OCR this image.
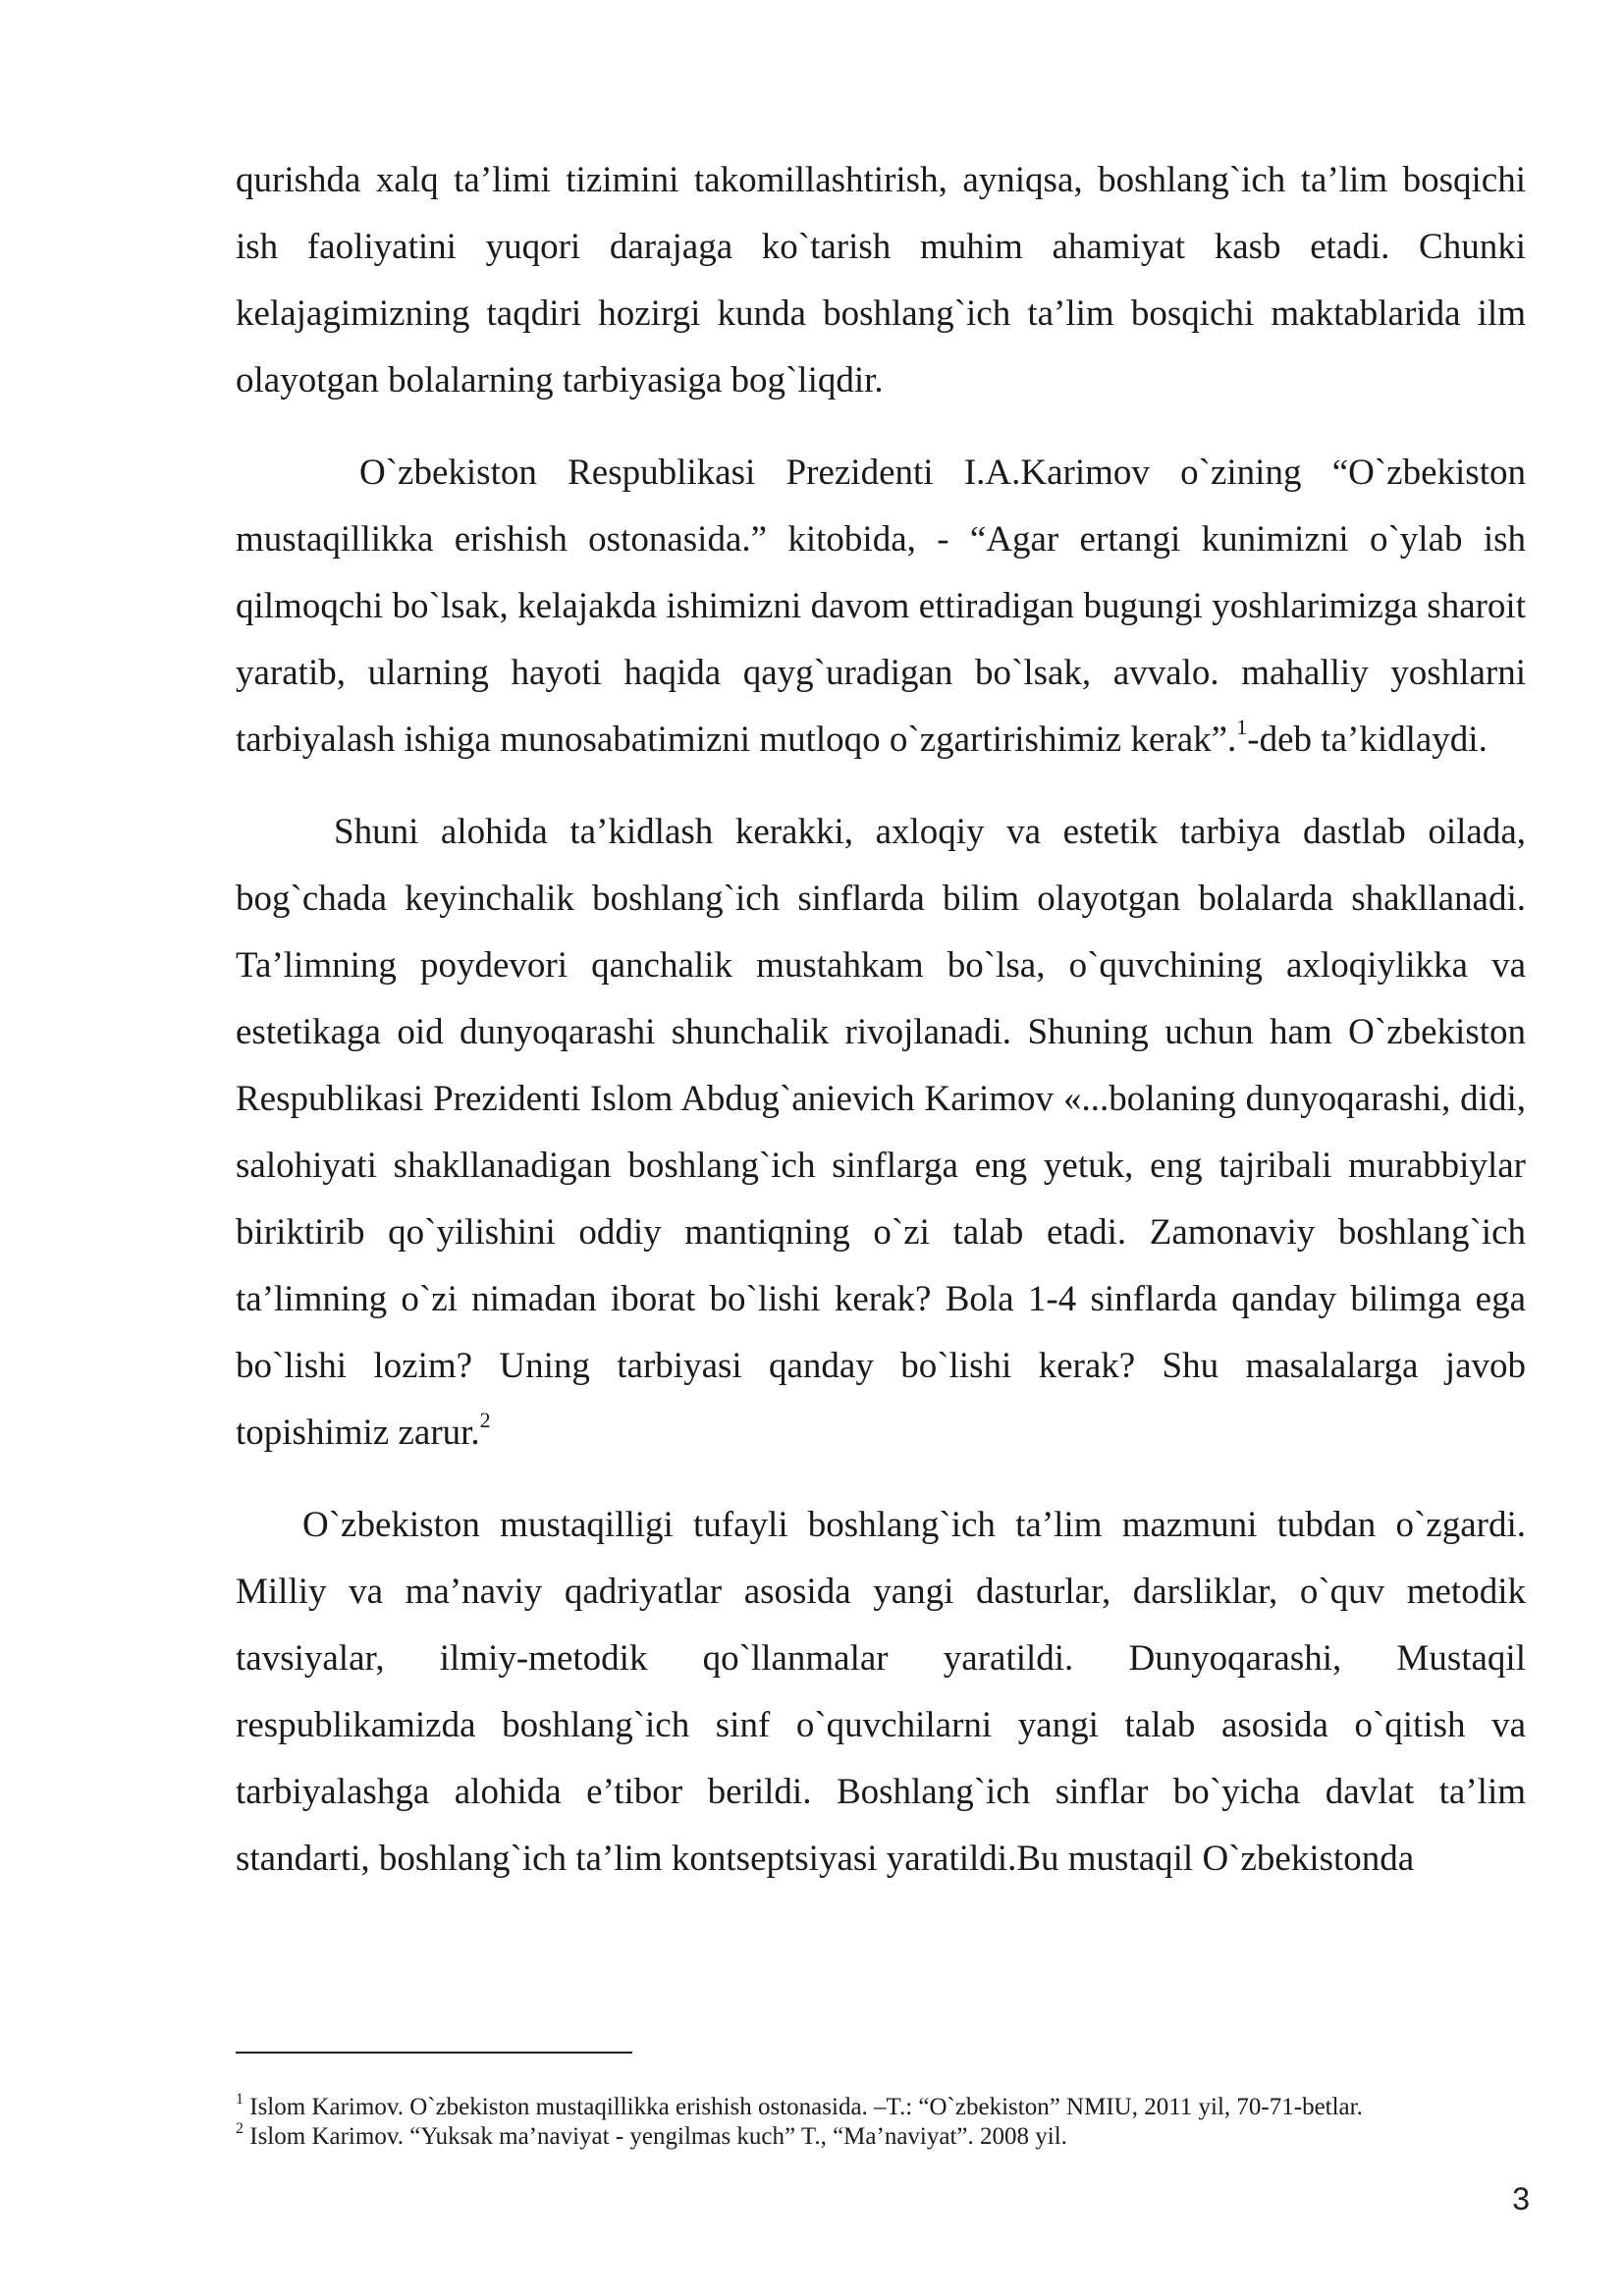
qurishda xalq ta’limi tizimini takomillashtirish, ayniqsa, boshlang`ich ta’lim bosqichi ish faoliyatini yuqori darajaga ko`tarish muhim ahamiyat kasb etadi. Chunki kelajagimizning taqdiri hozirgi kunda boshlang`ich ta’lim bosqichi maktablarida ilm olayotgan bolalarning tarbiyasiga bog`liqdir.

O`zbekiston Respublikasi Prezidenti I.A.Karimov o`zining “O`zbekiston mustaqillikka erishish ostonasida.” kitobida, - “Agar ertangi kunimizni o`ylab ish qilmoqchi bo`lsak, kelajakda ishimizni davom ettiradigan bugungi yoshlarimizga sharoit yaratib, ularning hayoti haqida qayg`uradigan bo`lsak, avvalo. mahalliy yoshlarni tarbiyalash ishiga munosabatimizni mutloqo o`zgartirishimiz kerak”.$^1$-deb ta’kidlaydi.

Shuni alohida ta’kidlash kerakki, axloqiy va estetik tarbiya dastlab oilada, bog`chada keyinchalik boshlang`ich sinflarda bilim olayotgan bolalarda shakllanadi. Ta’limning poydevori qanchalik mustahkam bo`lsa, o`quvchining axloqiylikka va estetikaga oid dunyoqarashi shunchalik rivojlanadi. Shuning uchun ham O`zbekiston Respublikasi Prezidenti Islom Abdug`anievich Karimov «...bolaning dunyoqarashi, didi, salohiyati shakllanadigan boshlang`ich sinflarga eng yetuk, eng tajribali murabbiylar biriktirib qo`yilishini oddiy mantiqning o`zi talab etadi. Zamonaviy boshlang`ich ta’limning o`zi nimadan iborat bo`lishi kerak? Bola 1-4 sinflarda qanday bilimga ega bo`lishi lozim? Uning tarbiyasi qanday bo`lishi kerak? Shu masalalarga javob topishimiz zarur.$^2$

O`zbekiston mustaqilligi tufayli boshlang`ich ta’lim mazmuni tubdan o`zgardi. Milliy va ma’naviy qadriyatlar asosida yangi dasturlar, darsliklar, o`quv metodik tavsiyalar, ilmiy-metodik qo`llanmalar yaratildi. Dunyoqarashi, Mustaqil respublikamizda boshlang`ich sinf o`quvchilarni yangi talab asosida o`qitish va tarbiyalashga alohida e’tibor berildi. Boshlang`ich sinflar bo`yicha davlat ta’lim standarti, boshlang`ich ta’lim kontseptsiyasi yaratildi.Bu mustaqil O`zbekistonda

$^1$ Islom Karimov. O`zbekiston mustaqillikka erishish ostonasida. –T.: “O`zbekiston” NMIU, 2011 yil, 70-71-betlar.
$^2$ Islom Karimov. “Yuksak ma’naviyat - yengilmas kuch” T., “Ma’naviyat”. 2008 yil.
3
